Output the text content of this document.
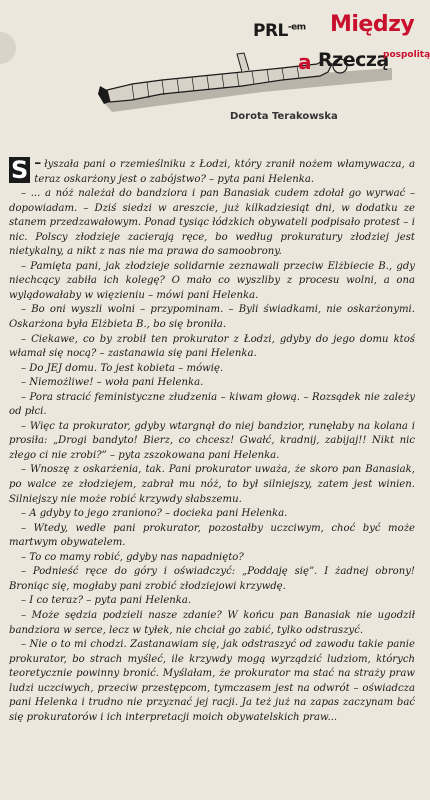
$PRL^{-em}$ Między
a Rzeczą
pospolitą
Dorota Terakowska

–
S łyszała pani o rzemieślniku z Łodzi, który zranił nożem włamywacza, a teraz oskarżony jest o zabójstwo? – pyta pani Helenka.

– ... a nóż należał do bandziora i pan Banasiak cudem zdołał go wyrwać – dopowiadam. – Dziś siedzi w areszcie, już kilkadziesiąt dni, w dodatku ze stanem przedzawałowym. Ponad tysiąc łódzkich obywateli podpisało protest – i nic. Polscy złodzieje zacierają ręce, bo według prokuratury złodziej jest nietykalny, a nikt z nas nie ma prawa do samoobrony.

– Pamięta pani, jak złodzieje solidarnie zeznawali przeciw Elżbiecie B., gdy niechcący zabiła ich kolegę? O mało co wyszliby z procesu wolni, a ona wylądowałaby w więzieniu – mówi pani Helenka.

– Bo oni wyszli wolni – przypominam. – Byli świadkami, nie oskarżonymi. Oskarżona była Elżbieta B., bo się broniła.

– Ciekawe, co by zrobił ten prokurator z Łodzi, gdyby do jego domu ktoś włamał się nocą? – zastanawia się pani Helenka.

– Do JEJ domu. To jest kobieta – mówię.

– Niemożliwe! – woła pani Helenka.

– Pora stracić feministyczne złudzenia – kiwam głową. – Rozsądek nie zależy od płci.

– Więc ta prokurator, gdyby wtargnął do niej bandzior, runęłaby na kolana i prosiła: „Drogi bandyto! Bierz, co chcesz! Gwałć, kradnij, zabijaj!! Nikt nic złego ci nie zrobi?” – pyta zszokowana pani Helenka.

– Wnoszę z oskarżenia, tak. Pani prokurator uważa, że skoro pan Banasiak, po walce ze złodziejem, zabrał mu nóż, to był silniejszy, zatem jest winien. Silniejszy nie może robić krzywdy słabszemu.

– A gdyby to jego zraniono? – docieka pani Helenka.

– Wtedy, wedle pani prokurator, pozostałby uczciwym, choć być może martwym obywatelem.

– To co mamy robić, gdyby nas napadnięto?

– Podnieść ręce do góry i oświadczyć: „Poddaję się”. I żadnej obrony! Broniąc się, mogłaby pani zrobić złodziejowi krzywdę.

– I co teraz? – pyta pani Helenka.

– Może sędzia podzieli nasze zdanie? W końcu pan Banasiak nie ugodził bandziora w serce, lecz w tyłek, nie chciał go zabić, tylko odstraszyć.

– Nie o to mi chodzi. Zastanawiam się, jak odstraszyć od zawodu takie panie prokurator, bo strach myśleć, ile krzywdy mogą wyrządzić ludziom, których teoretycznie powinny bronić. Myślałam, że prokurator ma stać na straży praw ludzi uczciwych, przeciw przestępcom, tymczasem jest na odwrót – oświadcza pani Helenka i trudno nie przyznać jej racji. Ja też już na zapas zaczynam bać się prokuratorów i ich interpretacji moich obywatelskich praw...
